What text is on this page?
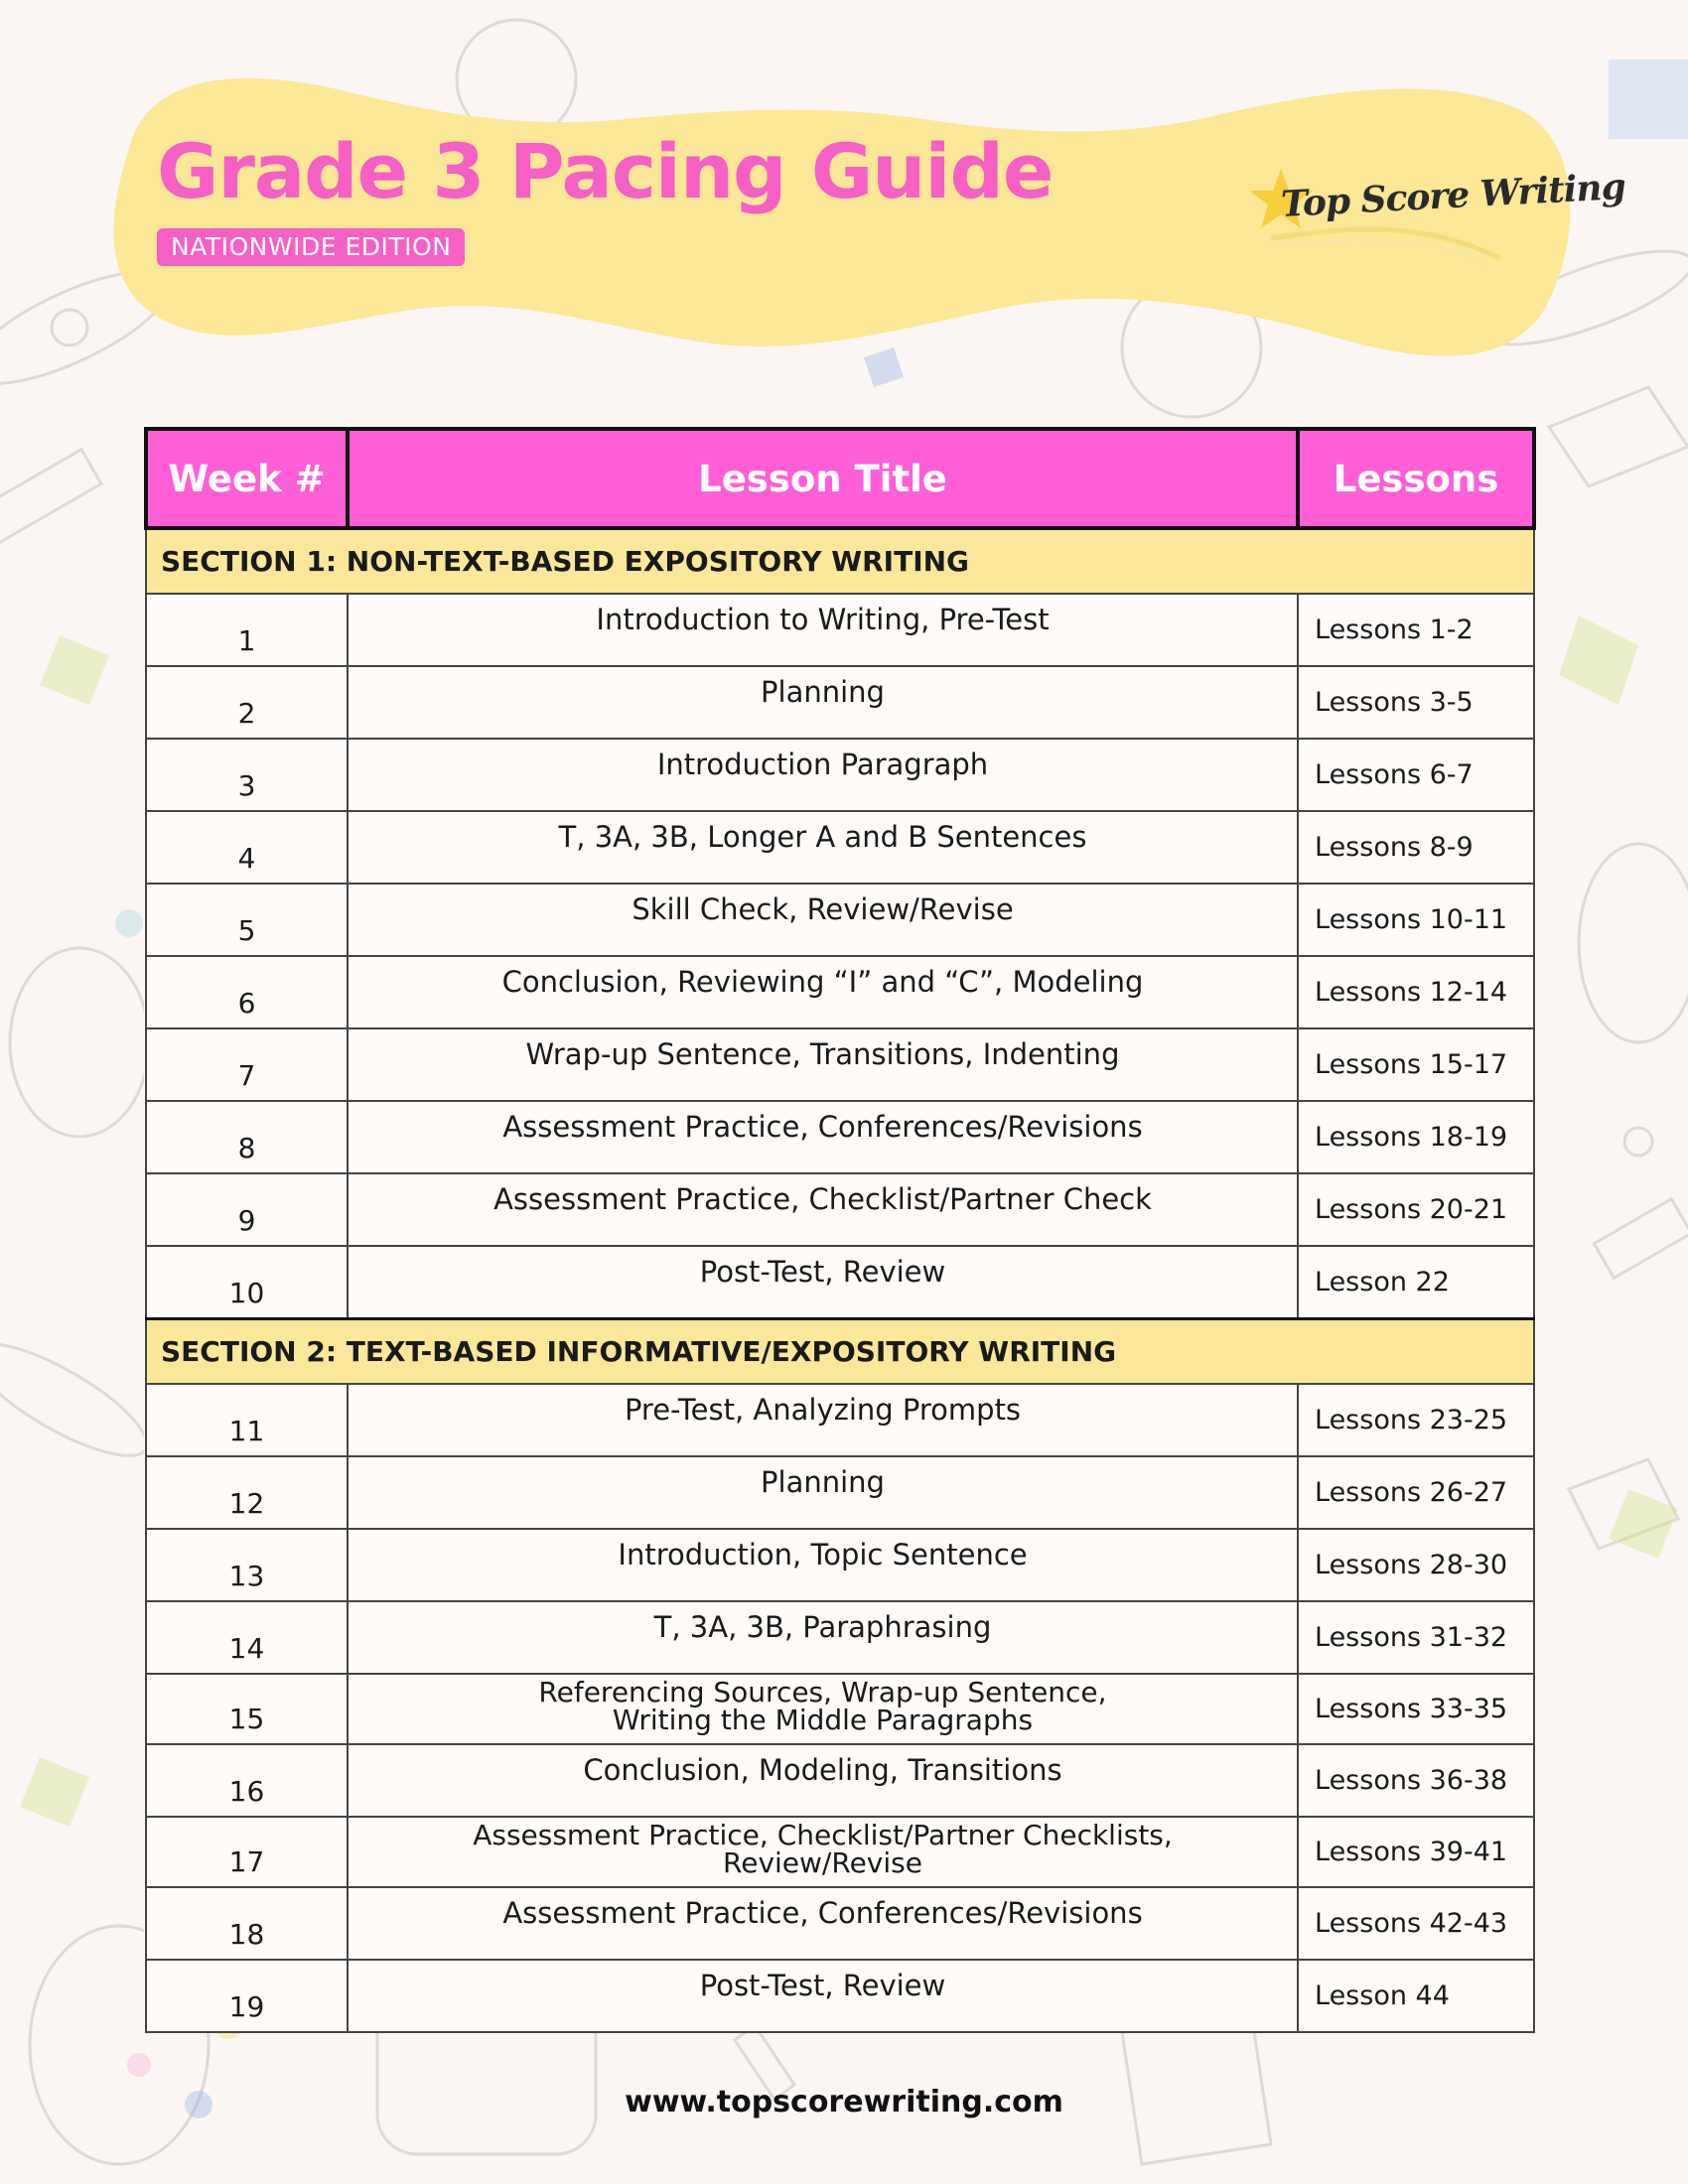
Grade 3 Pacing Guide
NATIONWIDE EDITION
Top Score Writing
Week #	Lesson Title	Lessons
SECTION 1: NON-TEXT-BASED EXPOSITORY WRITING		
1	Introduction to Writing, Pre-Test	Lessons 1-2
2	Planning	Lessons 3-5
3	Introduction Paragraph	Lessons 6-7
4	T, 3A, 3B, Longer A and B Sentences	Lessons 8-9
5	Skill Check, Review/Revise	Lessons 10-11
6	Conclusion, Reviewing “I” and “C”, Modeling	Lessons 12-14
7	Wrap-up Sentence, Transitions, Indenting	Lessons 15-17
8	Assessment Practice, Conferences/Revisions	Lessons 18-19
9	Assessment Practice, Checklist/Partner Check	Lessons 20-21
10	Post-Test, Review	Lesson 22
SECTION 2: TEXT-BASED INFORMATIVE/EXPOSITORY WRITING		
11	Pre-Test, Analyzing Prompts	Lessons 23-25
12	Planning	Lessons 26-27
13	Introduction, Topic Sentence	Lessons 28-30
14	T, 3A, 3B, Paraphrasing	Lessons 31-32
15	Referencing Sources, Wrap-up Sentence,
Writing the Middle Paragraphs	Lessons 33-35
16	Conclusion, Modeling, Transitions	Lessons 36-38
17	Assessment Practice, Checklist/Partner Checklists,
Review/Revise	Lessons 39-41
18	Assessment Practice, Conferences/Revisions	Lessons 42-43
19	Post-Test, Review	Lesson 44
www.topscorewriting.com
